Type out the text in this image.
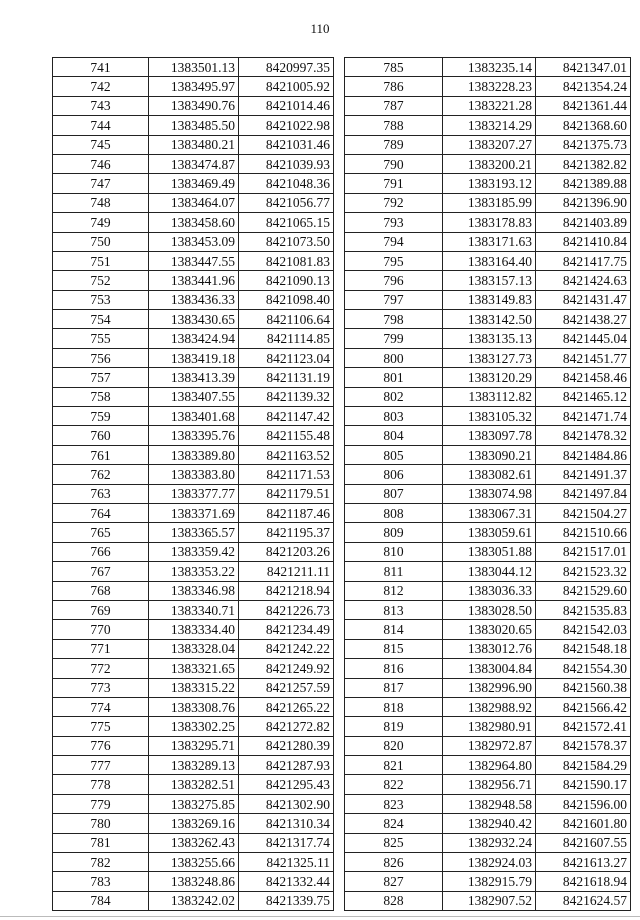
110
741	1383501.13	8420997.35
742	1383495.97	8421005.92
743	1383490.76	8421014.46
744	1383485.50	8421022.98
745	1383480.21	8421031.46
746	1383474.87	8421039.93
747	1383469.49	8421048.36
748	1383464.07	8421056.77
749	1383458.60	8421065.15
750	1383453.09	8421073.50
751	1383447.55	8421081.83
752	1383441.96	8421090.13
753	1383436.33	8421098.40
754	1383430.65	8421106.64
755	1383424.94	8421114.85
756	1383419.18	8421123.04
757	1383413.39	8421131.19
758	1383407.55	8421139.32
759	1383401.68	8421147.42
760	1383395.76	8421155.48
761	1383389.80	8421163.52
762	1383383.80	8421171.53
763	1383377.77	8421179.51
764	1383371.69	8421187.46
765	1383365.57	8421195.37
766	1383359.42	8421203.26
767	1383353.22	8421211.11
768	1383346.98	8421218.94
769	1383340.71	8421226.73
770	1383334.40	8421234.49
771	1383328.04	8421242.22
772	1383321.65	8421249.92
773	1383315.22	8421257.59
774	1383308.76	8421265.22
775	1383302.25	8421272.82
776	1383295.71	8421280.39
777	1383289.13	8421287.93
778	1383282.51	8421295.43
779	1383275.85	8421302.90
780	1383269.16	8421310.34
781	1383262.43	8421317.74
782	1383255.66	8421325.11
783	1383248.86	8421332.44
784	1383242.02	8421339.75
785	1383235.14	8421347.01
786	1383228.23	8421354.24
787	1383221.28	8421361.44
788	1383214.29	8421368.60
789	1383207.27	8421375.73
790	1383200.21	8421382.82
791	1383193.12	8421389.88
792	1383185.99	8421396.90
793	1383178.83	8421403.89
794	1383171.63	8421410.84
795	1383164.40	8421417.75
796	1383157.13	8421424.63
797	1383149.83	8421431.47
798	1383142.50	8421438.27
799	1383135.13	8421445.04
800	1383127.73	8421451.77
801	1383120.29	8421458.46
802	1383112.82	8421465.12
803	1383105.32	8421471.74
804	1383097.78	8421478.32
805	1383090.21	8421484.86
806	1383082.61	8421491.37
807	1383074.98	8421497.84
808	1383067.31	8421504.27
809	1383059.61	8421510.66
810	1383051.88	8421517.01
811	1383044.12	8421523.32
812	1383036.33	8421529.60
813	1383028.50	8421535.83
814	1383020.65	8421542.03
815	1383012.76	8421548.18
816	1383004.84	8421554.30
817	1382996.90	8421560.38
818	1382988.92	8421566.42
819	1382980.91	8421572.41
820	1382972.87	8421578.37
821	1382964.80	8421584.29
822	1382956.71	8421590.17
823	1382948.58	8421596.00
824	1382940.42	8421601.80
825	1382932.24	8421607.55
826	1382924.03	8421613.27
827	1382915.79	8421618.94
828	1382907.52	8421624.57
